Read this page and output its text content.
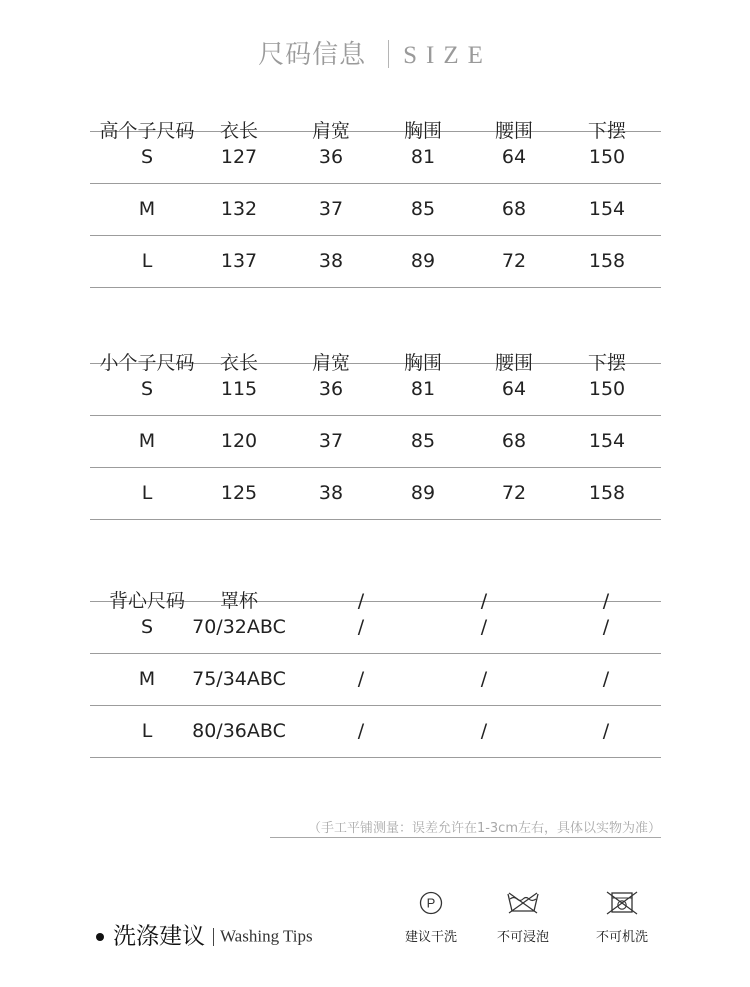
尺码信息 SIZE
高个子尺码 衣长	肩宽	胸围	腰围	下摆
S	127	36	81	64	150
M	132	37	85	68	154
L	137	38	89	72	158
小个子尺码 衣长	肩宽	胸围	腰围	下摆
S	115	36	81	64	150
M	120	37	85	68	154
L	125	38	89	72	158
背心尺码 罩杯	/	/	/
S 70/32ABC	/	/	/
M 75/34ABC	/	/	/
L 80/36ABC	/	/	/
（手工平铺测量：误差允许在1-3cm左右，具体以实物为准）
洗涤建议 Washing Tips
P
建议干洗	不可浸泡	不可机洗
